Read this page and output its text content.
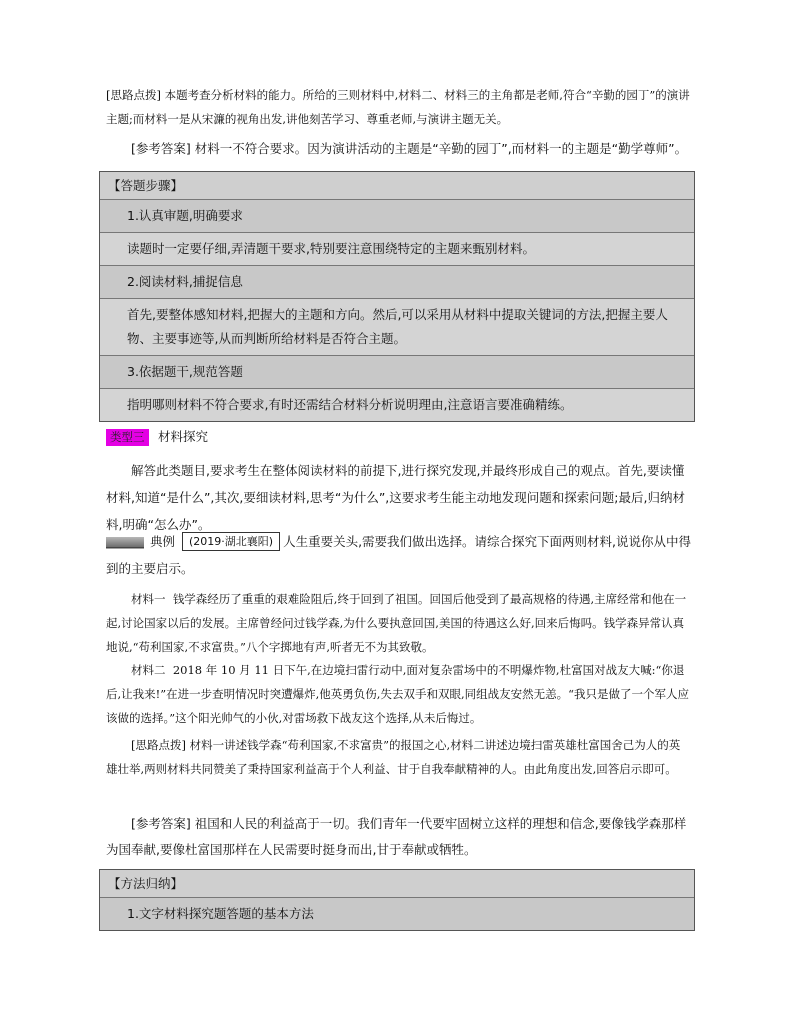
[思路点拨] 本题考查分析材料的能力。所给的三则材料中,材料二、材料三的主角都是老师,符合“辛勤的园丁”的演讲主题;而材料一是从宋濂的视角出发,讲他刻苦学习、尊重老师,与演讲主题无关。

[参考答案] 材料一不符合要求。因为演讲活动的主题是“辛勤的园丁”,而材料一的主题是“勤学尊师”。

【答题步骤】
1.认真审题,明确要求
读题时一定要仔细,弄清题干要求,特别要注意围绕特定的主题来甄别材料。
2.阅读材料,捕捉信息
首先,要整体感知材料,把握大的主题和方向。然后,可以采用从材料中提取关键词的方法,把握主要人物、主要事迹等,从而判断所给材料是否符合主题。
3.依据题干,规范答题
指明哪则材料不符合要求,有时还需结合材料分析说明理由,注意语言要准确精练。
类型三	材料探究

解答此类题目,要求考生在整体阅读材料的前提下,进行探究发现,并最终形成自己的观点。首先,要读懂材料,知道“是什么”,其次,要细读材料,思考“为什么”,这要求考生能主动地发现问题和探索问题;最后,归纳材料,明确“怎么办”。

典例 (2019·湖北襄阳) 人生重要关头,需要我们做出选择。请综合探究下面两则材料,说说你从中得到的主要启示。

材料一 钱学森经历了重重的艰难险阻后,终于回到了祖国。回国后他受到了最高规格的待遇,主席经常和他在一起,讨论国家以后的发展。主席曾经问过钱学森,为什么要执意回国,美国的待遇这么好,回来后悔吗。钱学森异常认真地说,“苟利国家,不求富贵。”八个字掷地有声,听者无不为其致敬。

材料二 2018 年 10 月 11 日下午,在边境扫雷行动中,面对复杂雷场中的不明爆炸物,杜富国对战友大喊:“你退后,让我来!”在进一步查明情况时突遭爆炸,他英勇负伤,失去双手和双眼,同组战友安然无恙。“我只是做了一个军人应该做的选择。”这个阳光帅气的小伙,对雷场救下战友这个选择,从未后悔过。

[思路点拨] 材料一讲述钱学森“苟利国家,不求富贵”的报国之心,材料二讲述边境扫雷英雄杜富国舍己为人的英雄壮举,两则材料共同赞美了秉持国家利益高于个人利益、甘于自我奉献精神的人。由此角度出发,回答启示即可。

[参考答案] 祖国和人民的利益高于一切。我们青年一代要牢固树立这样的理想和信念,要像钱学森那样为国奉献,要像杜富国那样在人民需要时挺身而出,甘于奉献或牺牲。

【方法归纳】
1.文字材料探究题答题的基本方法
